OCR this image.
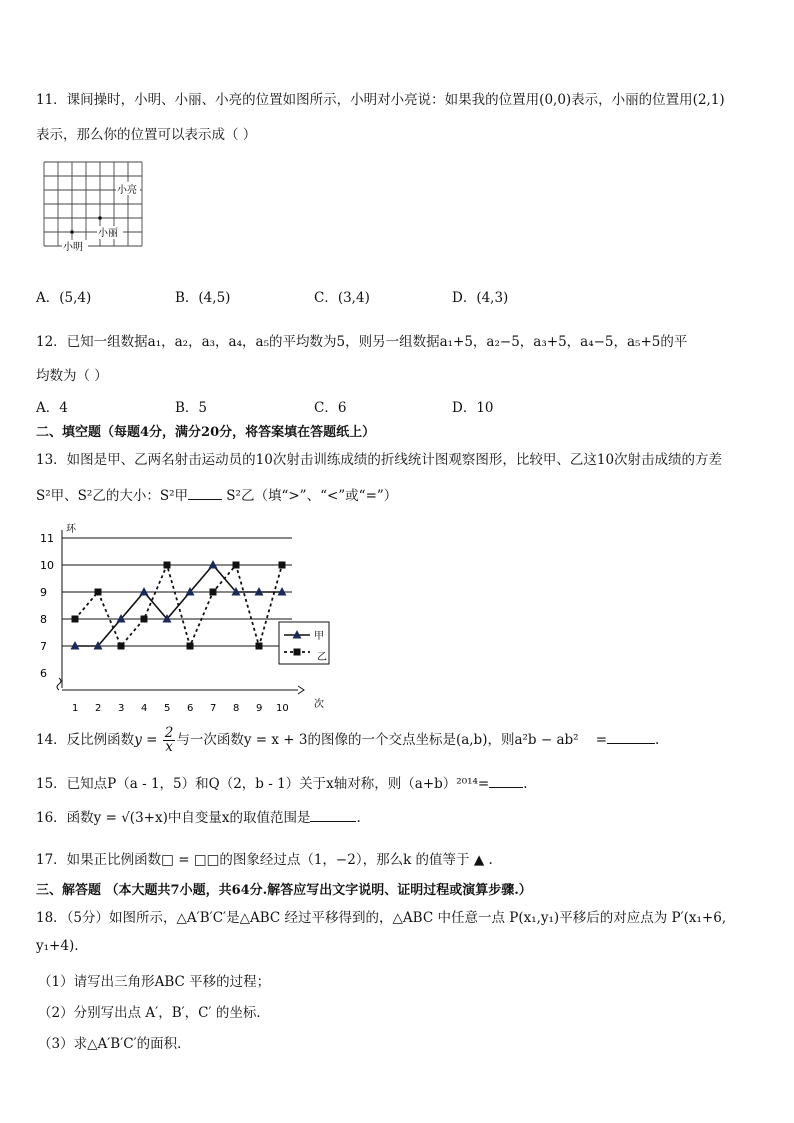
11．课间操时，小明、小丽、小亮的位置如图所示，小明对小亮说：如果我的位置用(0,0)表示，小丽的位置用(2,1)
表示，那么你的位置可以表示成（ ）
小亮
小丽
小明
A．(5,4)	B．(4,5)	C．(3,4)	D．(4,3)
12．已知一组数据a₁，a₂，a₃，a₄，a₅的平均数为5，则另一组数据a₁+5，a₂−5，a₃+5，a₄−5，a₅+5的平
均数为（ ）
A．4	B．5	C．6	D．10
二、填空题（每题4分，满分20分，将答案填在答题纸上）
13．如图是甲、乙两名射击运动员的10次射击训练成绩的折线统计图观察图形，比较甲、乙这10次射击成绩的方差
S²甲、S²乙的大小：S²甲	S²乙（填“>”、“<”或“=”）
环
次
6
7
8
9
10
11
1 2 3 4 5 6 7 8 9 10
甲
乙
14．反比例函数$y = \frac{2}{x}$ 与一次函数y = x + 3的图像的一个交点坐标是(a,b)，则a²b − ab² =	.
15．已知点P（a - 1，5）和Q（2，b - 1）关于x轴对称，则（a+b）²⁰¹⁴=	.
16．函数y = √(3+x)中自变量x的取值范围是	.
17．如果正比例函数□ = □□的图象经过点（1，−2），那么k 的值等于 ▲ .
三、解答题 （本大题共7小题，共64分.解答应写出文字说明、证明过程或演算步骤.）
18．（5分）如图所示，△A′B′C′是△ABC 经过平移得到的，△ABC 中任意一点 P(x₁,y₁)平移后的对应点为 P′(x₁+6,
y₁+4).
（1）请写出三角形ABC 平移的过程；
（2）分别写出点 A′，B′，C′ 的坐标．
（3）求△A′B′C′的面积．
